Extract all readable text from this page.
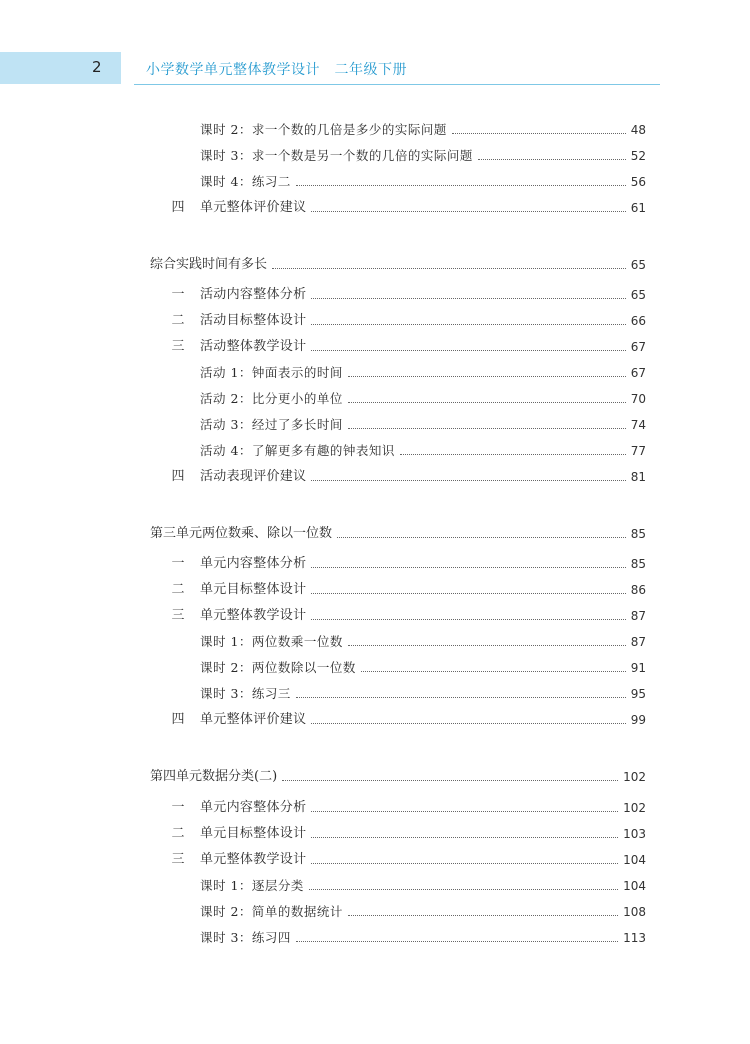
2	小学数学单元整体教学设计　二年级下册
课时 2：求一个数的几倍是多少的实际问题	48
课时 3：求一个数是另一个数的几倍的实际问题	52
课时 4：练习二	56
四 单元整体评价建议	61
综合实践时间有多长	65
一 活动内容整体分析	65
二 活动目标整体设计	66
三 活动整体教学设计	67
活动 1：钟面表示的时间	67
活动 2：比分更小的单位	70
活动 3：经过了多长时间	74
活动 4：了解更多有趣的钟表知识	77
四 活动表现评价建议	81
第三单元两位数乘、除以一位数	85
一 单元内容整体分析	85
二 单元目标整体设计	86
三 单元整体教学设计	87
课时 1：两位数乘一位数	87
课时 2：两位数除以一位数	91
课时 3：练习三	95
四 单元整体评价建议	99
第四单元数据分类(二)	102
一 单元内容整体分析	102
二 单元目标整体设计	103
三 单元整体教学设计	104
课时 1：逐层分类	104
课时 2：简单的数据统计	108
课时 3：练习四	113
